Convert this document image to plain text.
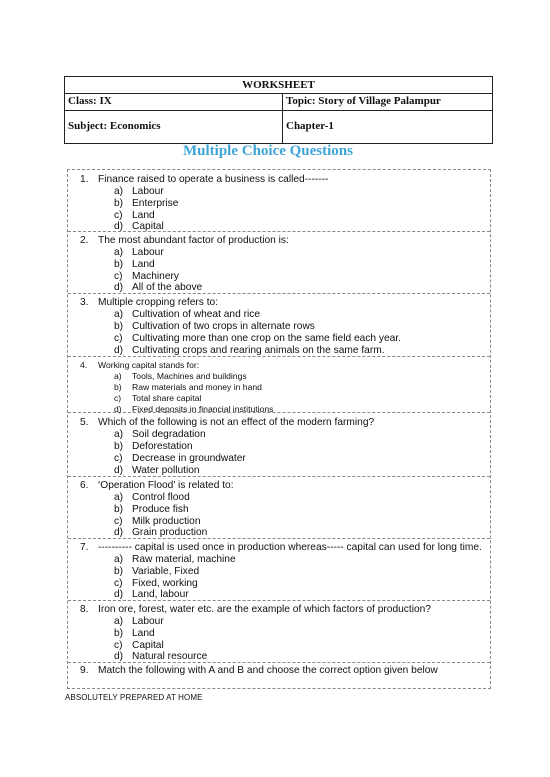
WORKSHEET
Class: IX	Topic: Story of Village Palampur
Subject: Economics	Chapter-1
Multiple Choice Questions
1. Finance raised to operate a business is called-------
a) Labour
b) Enterprise
c) Land
d) Capital
2. The most abundant factor of production is:
a) Labour
b) Land
c) Machinery
d) All of the above
3. Multiple cropping refers to:
a) Cultivation of wheat and rice
b) Cultivation of two crops in alternate rows
c) Cultivating more than one crop on the same field each year.
d) Cultivating crops and rearing animals on the same farm.
4. Working capital stands for:
a) Tools, Machines and buildings
b) Raw materials and money in hand
c) Total share capital
d) Fixed deposits in financial institutions
5. Which of the following is not an effect of the modern farming?
a) Soil degradation
b) Deforestation
c) Decrease in groundwater
d) Water pollution
6. ‘Operation Flood’ is related to:
a) Control flood
b) Produce fish
c) Milk production
d) Grain production
7. ---------- capital is used once in production whereas----- capital can used for long time.
a) Raw material, machine
b) Variable, Fixed
c) Fixed, working
d) Land, labour
8. Iron ore, forest, water etc. are the example of which factors of production?
a) Labour
b) Land
c) Capital
d) Natural resource
9. Match the following with A and B and choose the correct option given below
ABSOLUTELY PREPARED AT HOME
